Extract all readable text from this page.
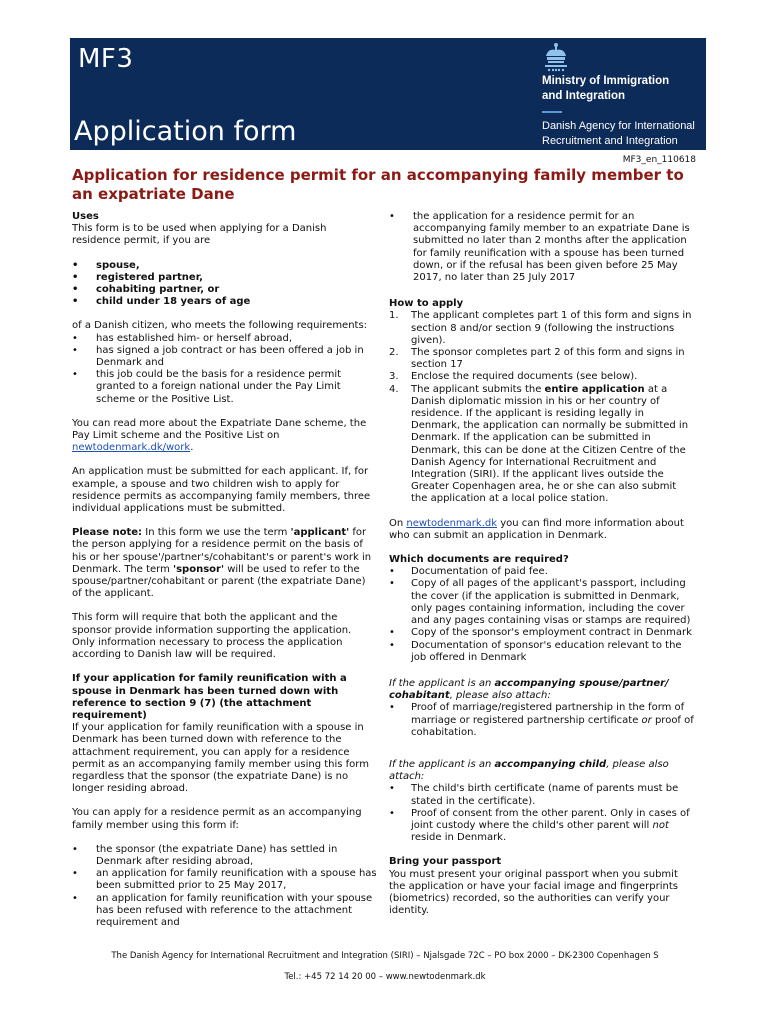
MF3
Application form
Ministry of Immigration
and Integration
Danish Agency for International
Recruitment and Integration
MF3_en_110618
Application for residence permit for an accompanying family member to an expatriate Dane

Uses

This form is to be used when applying for a Danish residence permit, if you are

• spouse,
• registered partner,
• cohabiting partner, or
• child under 18 years of age

of a Danish citizen, who meets the following requirements:

• has established him- or herself abroad,
• has signed a job contract or has been offered a job in Denmark and
• this job could be the basis for a residence permit granted to a foreign national under the Pay Limit scheme or the Positive List.

You can read more about the Expatriate Dane scheme, the Pay Limit scheme and the Positive List on newtodenmark.dk/work.

An application must be submitted for each applicant. If, for example, a spouse and two children wish to apply for residence permits as accompanying family members, three individual applications must be submitted.

Please note: In this form we use the term 'applicant' for the person applying for a residence permit on the basis of his or her spouse'/partner's/cohabitant's or parent's work in Denmark. The term 'sponsor' will be used to refer to the spouse/partner/cohabitant or parent (the expatriate Dane) of the applicant.

This form will require that both the applicant and the sponsor provide information supporting the application. Only information necessary to process the application according to Danish law will be required.

If your application for family reunification with a spouse in Denmark has been turned down with reference to section 9 (7) (the attachment requirement)

If your application for family reunification with a spouse in Denmark has been turned down with reference to the attachment requirement, you can apply for a residence permit as an accompanying family member using this form regardless that the sponsor (the expatriate Dane) is no longer residing abroad.

You can apply for a residence permit as an accompanying family member using this form if:

• the sponsor (the expatriate Dane) has settled in Denmark after residing abroad,
• an application for family reunification with a spouse has been submitted prior to 25 May 2017,
• an application for family reunification with your spouse has been refused with reference to the attachment requirement and
• the application for a residence permit for an accompanying family member to an expatriate Dane is submitted no later than 2 months after the application for family reunification with a spouse has been turned down, or if the refusal has been given before 25 May 2017, no later than 25 July 2017

How to apply

1. The applicant completes part 1 of this form and signs in section 8 and/or section 9 (following the instructions given).
2. The sponsor completes part 2 of this form and signs in section 17
3. Enclose the required documents (see below).
4. The applicant submits the entire application at a Danish diplomatic mission in his or her country of residence. If the applicant is residing legally in Denmark, the application can normally be submitted in Denmark. If the application can be submitted in Denmark, this can be done at the Citizen Centre of the Danish Agency for International Recruitment and Integration (SIRI). If the applicant lives outside the Greater Copenhagen area, he or she can also submit the application at a local police station.

On newtodenmark.dk you can find more information about who can submit an application in Denmark.

Which documents are required?

• Documentation of paid fee.
• Copy of all pages of the applicant's passport, including the cover (if the application is submitted in Denmark, only pages containing information, including the cover and any pages containing visas or stamps are required)
• Copy of the sponsor's employment contract in Denmark
• Documentation of sponsor's education relevant to the job offered in Denmark

If the applicant is an accompanying spouse/partner/ cohabitant, please also attach:

• Proof of marriage/registered partnership in the form of marriage or registered partnership certificate or proof of cohabitation.

If the applicant is an accompanying child, please also attach:

• The child's birth certificate (name of parents must be stated in the certificate).
• Proof of consent from the other parent. Only in cases of joint custody where the child's other parent will not reside in Denmark.

Bring your passport

You must present your original passport when you submit the application or have your facial image and fingerprints (biometrics) recorded, so the authorities can verify your identity.

The Danish Agency for International Recruitment and Integration (SIRI) – Njalsgade 72C – PO box 2000 – DK-2300 Copenhagen S
Tel.: +45 72 14 20 00 – www.newtodenmark.dk
